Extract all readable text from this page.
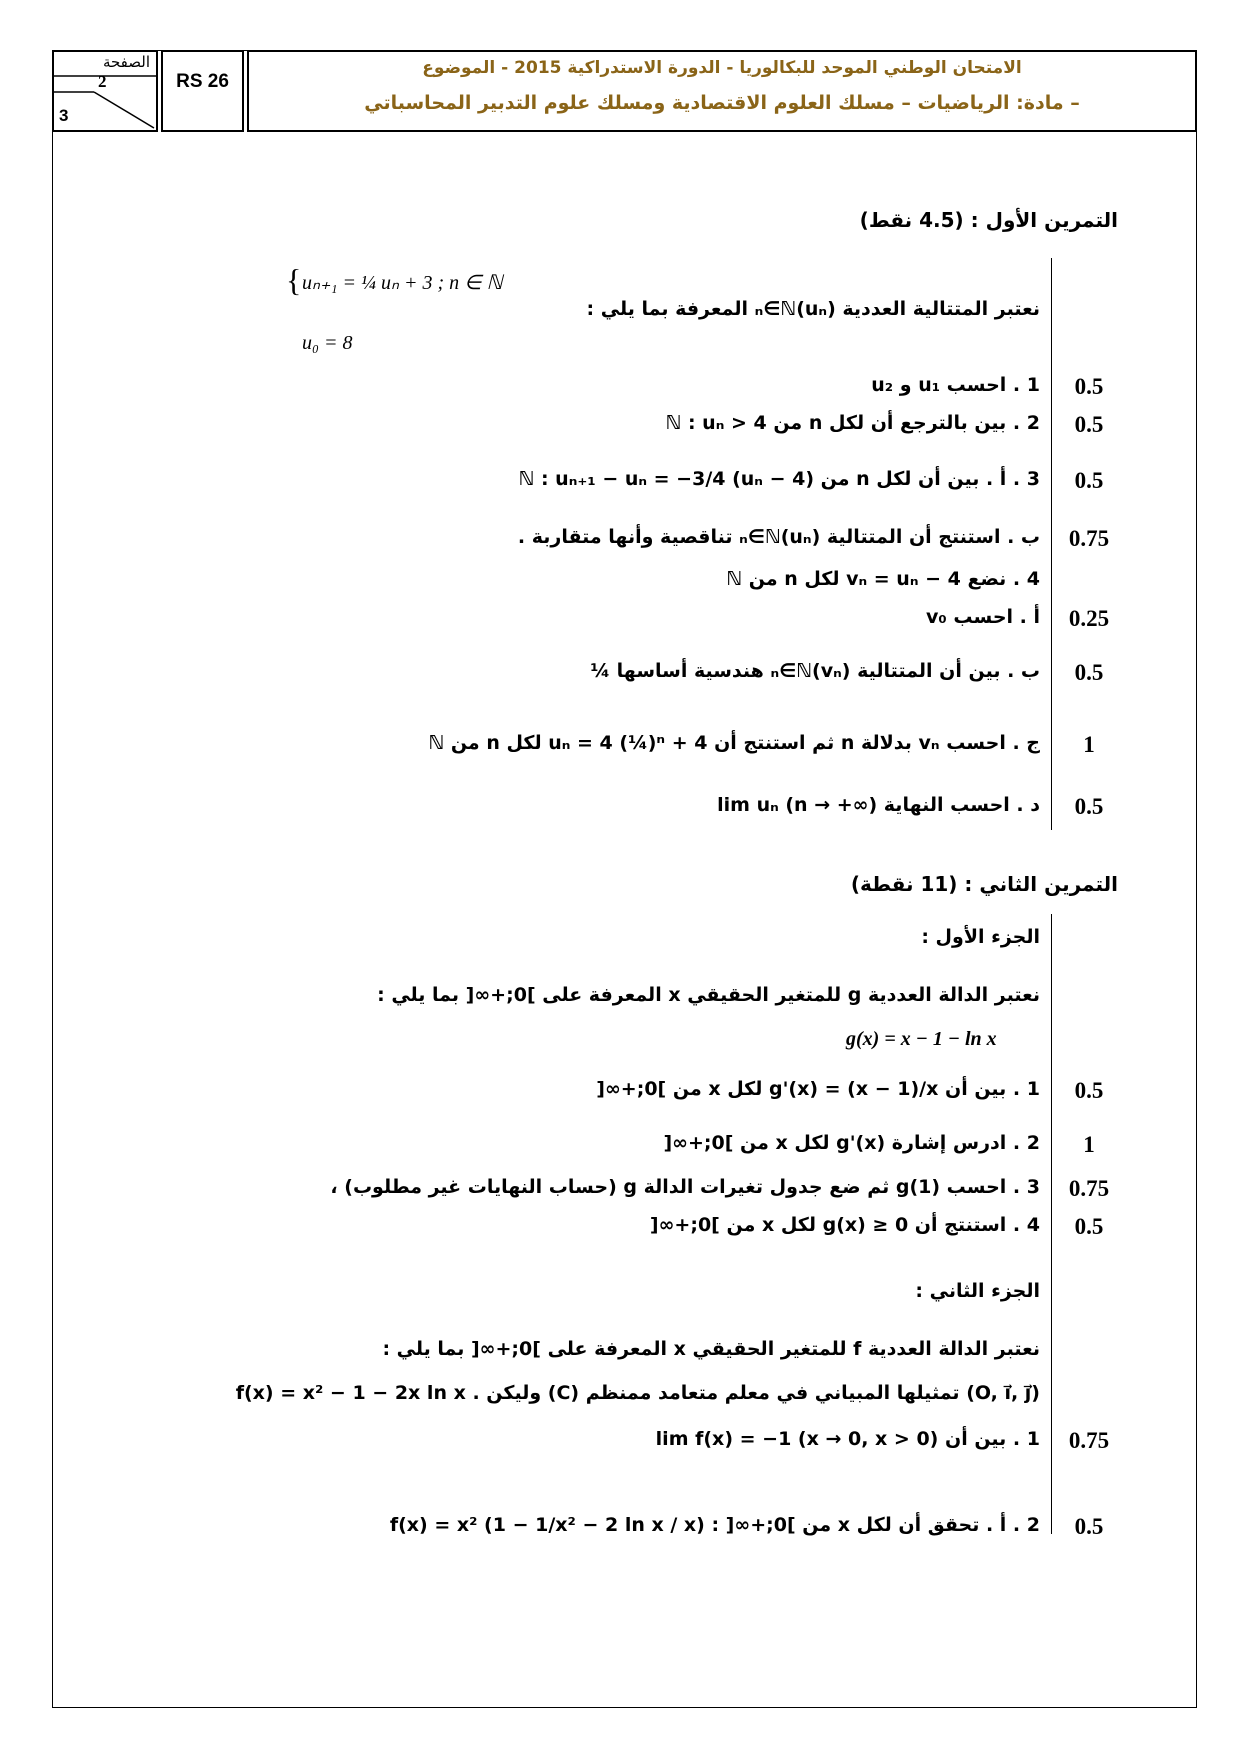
الصفحة
2
3
RS 26
الامتحان الوطني الموحد للبكالوريا - الدورة الاستدراكية 2015 - الموضوع
– مادة: الرياضيات – مسلك العلوم الاقتصادية ومسلك علوم التدبير المحاسباتي
التمرين الأول : (4.5 نقط)
نعتبر المتتالية العددية (uₙ)ₙ∈ℕ المعرفة بما يلي :
{ uₙ₊₁ = ¼ uₙ + 3 ; n ∈ ℕ
u₀ = 8
0.5
1 . احسب u₁ و u₂
0.5
2 . بين بالترجع أن لكل n من ℕ : uₙ > 4
0.5
3 . أ . بين أن لكل n من ℕ : uₙ₊₁ − uₙ = −3/4 (uₙ − 4)
0.75
ب . استنتج أن المتتالية (uₙ)ₙ∈ℕ تناقصية وأنها متقاربة .
4 . نضع vₙ = uₙ − 4 لكل n من ℕ
0.25
أ . احسب v₀
0.5
ب . بين أن المتتالية (vₙ)ₙ∈ℕ هندسية أساسها ¼
1
ج . احسب vₙ بدلالة n ثم استنتج أن uₙ = 4 (¼)ⁿ + 4 لكل n من ℕ
0.5
د . احسب النهاية lim uₙ (n → +∞)
التمرين الثاني : (11 نقطة)
الجزء الأول :
نعتبر الدالة العددية g للمتغير الحقيقي x المعرفة على ]0;+∞[ بما يلي :
g(x) = x − 1 − ln x
0.5
1 . بين أن g'(x) = (x − 1)/x لكل x من ]0;+∞[
1
2 . ادرس إشارة g'(x) لكل x من ]0;+∞[
0.75
3 . احسب g(1) ثم ضع جدول تغيرات الدالة g (حساب النهايات غير مطلوب) ،
0.5
4 . استنتج أن g(x) ≥ 0 لكل x من ]0;+∞[
الجزء الثاني :
نعتبر الدالة العددية f للمتغير الحقيقي x المعرفة على ]0;+∞[ بما يلي :
f(x) = x² − 1 − 2x ln x . وليكن (C) تمثيلها المبياني في معلم متعامد ممنظم (O, i⃗, j⃗)
0.75
1 . بين أن lim f(x) = −1 (x → 0, x > 0)
0.5
2 . أ . تحقق أن لكل x من ]0;+∞[ : f(x) = x² (1 − 1/x² − 2 ln x / x)
